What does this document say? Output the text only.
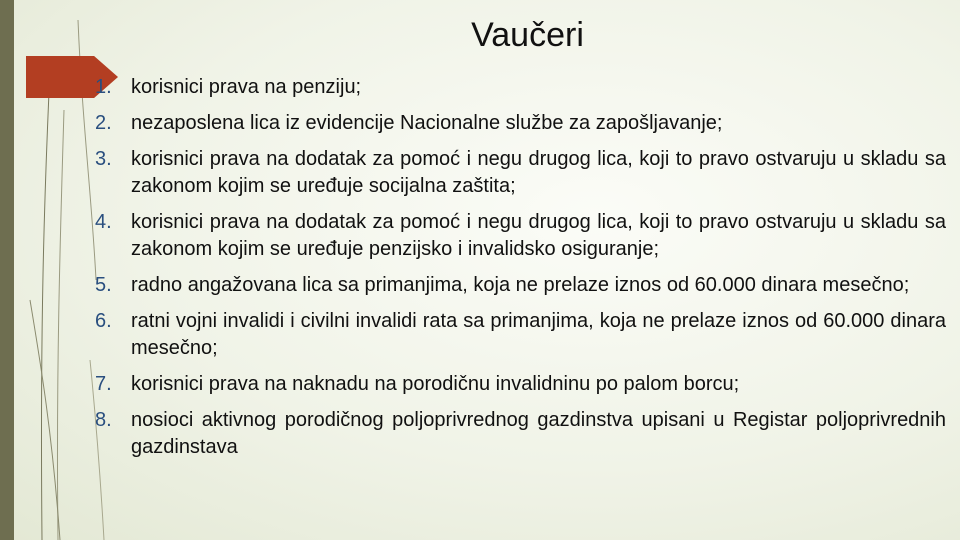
Vaučeri
1. korisnici prava na penziju;
2. nezaposlena lica iz evidencije Nacionalne službe za zapošljavanje;
3. korisnici prava na dodatak za pomoć i negu drugog lica, koji to pravo ostvaruju u skladu sa zakonom kojim se uređuje socijalna zaštita;
4. korisnici prava na dodatak za pomoć i negu drugog lica, koji to pravo ostvaruju u skladu sa zakonom kojim se uređuje penzijsko i invalidsko osiguranje;
5. radno angažovana lica sa primanjima, koja ne prelaze iznos od 60.000 dinara mesečno;
6. ratni vojni invalidi i civilni invalidi rata sa primanjima, koja ne prelaze iznos od 60.000 dinara mesečno;
7. korisnici prava na naknadu na porodičnu invalidninu po palom borcu;
8. nosioci aktivnog porodičnog poljoprivrednog gazdinstva upisani u Registar poljoprivrednih gazdinstava
